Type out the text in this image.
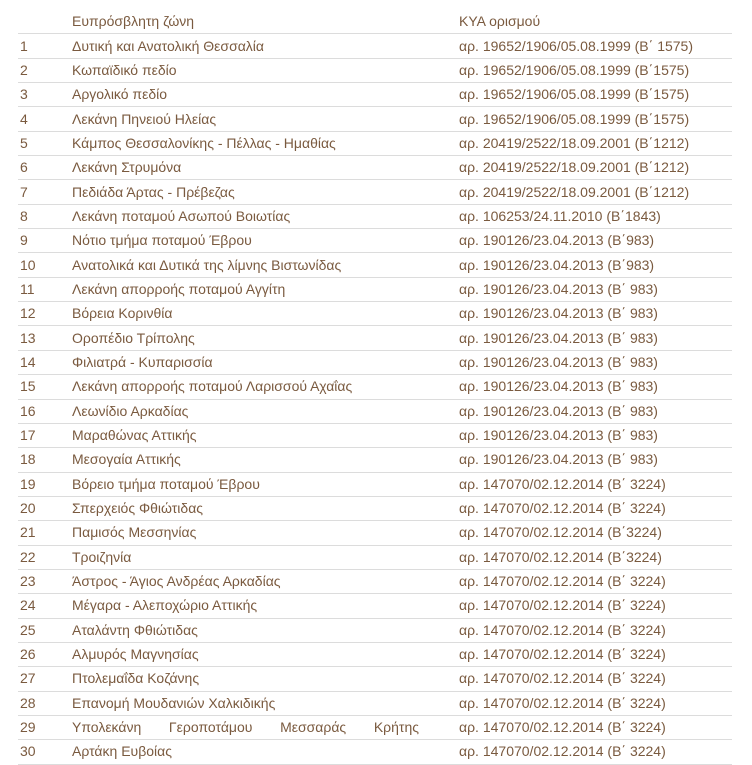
	Ευπρόσβλητη ζώνη	ΚΥΑ ορισμού
1	Δυτική και Ανατολική Θεσσαλία	αρ. 19652/1906/05.08.1999 (Β΄ 1575)
2	Κωπαϊδικό πεδίο	αρ. 19652/1906/05.08.1999 (Β΄1575)
3	Αργολικό πεδίο	αρ. 19652/1906/05.08.1999 (Β΄1575)
4	Λεκάνη Πηνειού Ηλείας	αρ. 19652/1906/05.08.1999 (Β΄1575)
5	Κάμπος Θεσσαλονίκης - Πέλλας - Ημαθίας	αρ. 20419/2522/18.09.2001 (Β΄1212)
6	Λεκάνη Στρυμόνα	αρ. 20419/2522/18.09.2001 (Β΄1212)
7	Πεδιάδα Άρτας - Πρέβεζας	αρ. 20419/2522/18.09.2001 (Β΄1212)
8	Λεκάνη ποταμού Ασωπού Βοιωτίας	αρ. 106253/24.11.2010 (Β΄1843)
9	Νότιο τμήμα ποταμού Έβρου	αρ. 190126/23.04.2013 (Β΄983)
10	Ανατολικά και Δυτικά της λίμνης Βιστωνίδας	αρ. 190126/23.04.2013 (Β΄983)
11	Λεκάνη απορροής ποταμού Αγγίτη	αρ. 190126/23.04.2013 (Β΄ 983)
12	Βόρεια Κορινθία	αρ. 190126/23.04.2013 (Β΄ 983)
13	Οροπέδιο Τρίπολης	αρ. 190126/23.04.2013 (Β΄ 983)
14	Φιλιατρά - Κυπαρισσία	αρ. 190126/23.04.2013 (Β΄ 983)
15	Λεκάνη απορροής ποταμού Λαρισσού Αχαΐας	αρ. 190126/23.04.2013 (Β΄ 983)
16	Λεωνίδιο Αρκαδίας	αρ. 190126/23.04.2013 (Β΄ 983)
17	Μαραθώνας Αττικής	αρ. 190126/23.04.2013 (Β΄ 983)
18	Μεσογαία Αττικής	αρ. 190126/23.04.2013 (Β΄ 983)
19	Βόρειο τμήμα ποταμού Έβρου	αρ. 147070/02.12.2014 (Β΄ 3224)
20	Σπερχειός Φθιώτιδας	αρ. 147070/02.12.2014 (Β΄ 3224)
21	Παμισός Μεσσηνίας	αρ. 147070/02.12.2014 (Β΄3224)
22	Τροιζηνία	αρ. 147070/02.12.2014 (Β΄3224)
23	Άστρος - Άγιος Ανδρέας Αρκαδίας	αρ. 147070/02.12.2014 (Β΄ 3224)
24	Μέγαρα - Αλεποχώριο Αττικής	αρ. 147070/02.12.2014 (Β΄ 3224)
25	Αταλάντη Φθιώτιδας	αρ. 147070/02.12.2014 (Β΄ 3224)
26	Αλμυρός Μαγνησίας	αρ. 147070/02.12.2014 (Β΄ 3224)
27	Πτολεμαΐδα Κοζάνης	αρ. 147070/02.12.2014 (Β΄ 3224)
28	Επανομή Μουδανιών Χαλκιδικής	αρ. 147070/02.12.2014 (Β΄ 3224)
29	Υπολεκάνη Γεροποτάμου Μεσσαράς Κρήτης	αρ. 147070/02.12.2014 (Β΄ 3224)
30	Αρτάκη Ευβοίας	αρ. 147070/02.12.2014 (Β΄ 3224)
